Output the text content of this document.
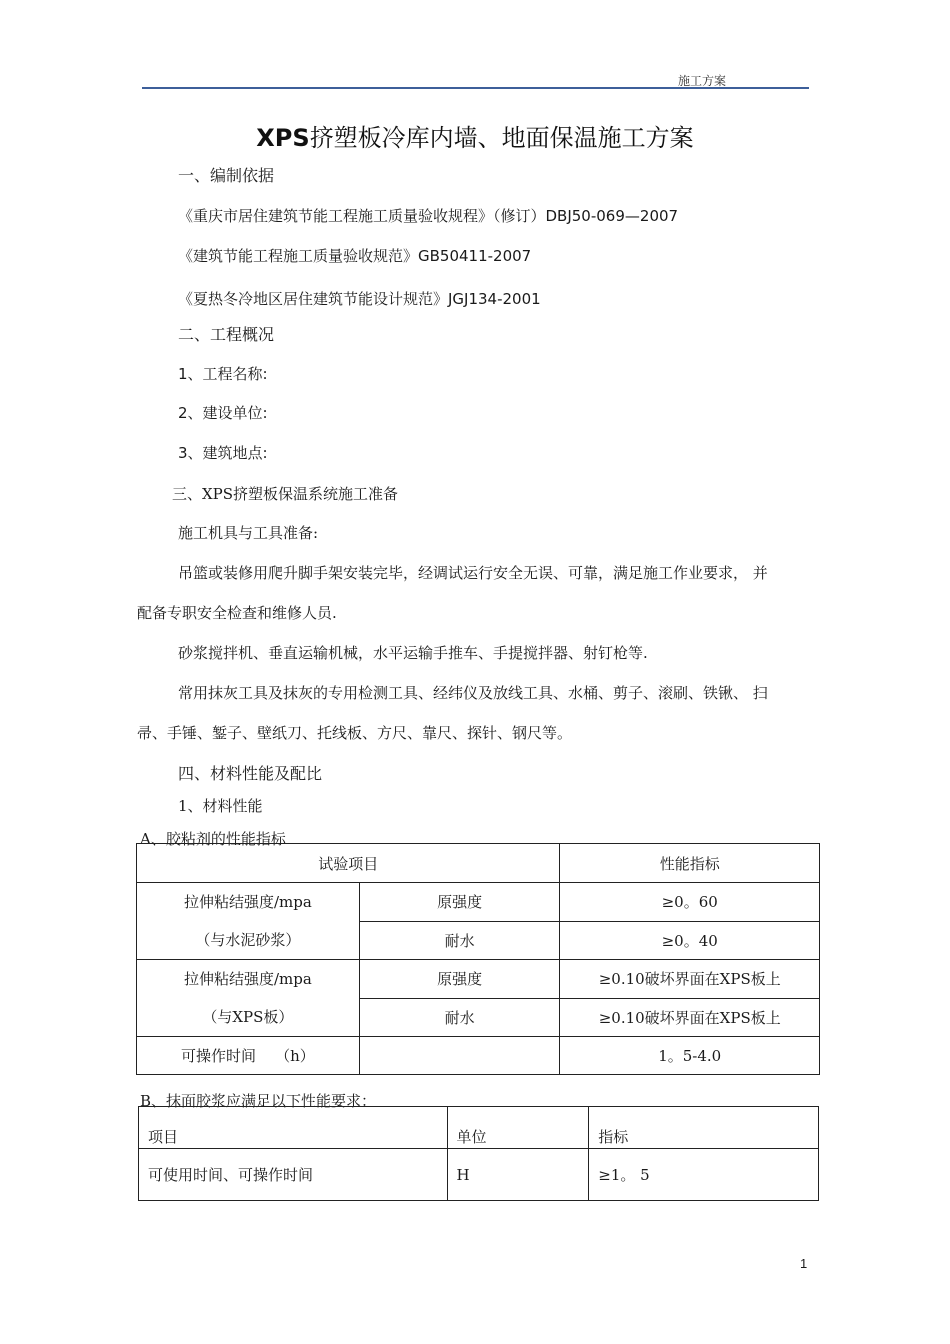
施工方案
XPS挤塑板冷库内墙、地面保温施工方案
一、编制依据
《重庆市居住建筑节能工程施工质量验收规程》（修订）DBJ50-069—2007
《建筑节能工程施工质量验收规范》GB50411-2007
《夏热冬冷地区居住建筑节能设计规范》JGJ134-2001
二、工程概况
1、工程名称:
2、建设单位:
3、建筑地点:
三、XPS挤塑板保温系统施工准备
施工机具与工具准备:
吊篮或装修用爬升脚手架安装完毕，经调试运行安全无误、可靠，满足施工作业要求， 并
配备专职安全检查和维修人员.
砂浆搅拌机、垂直运输机械，水平运输手推车、手提搅拌器、射钉枪等.
常用抹灰工具及抹灰的专用检测工具、经纬仪及放线工具、水桶、剪子、滚刷、铁锹、 扫
帚、手锤、錾子、壁纸刀、托线板、方尺、靠尺、探针、钢尺等。
四、材料性能及配比
1、材料性能
A、胶粘剂的性能指标
试验项目		性能指标

拉伸粘结强度/mpa
（与水泥砂浆）	原强度	≥0。60
	耐水	≥0。40

拉伸粘结强度/mpa
（与XPS板）	原强度	≥0.10破坏界面在XPS板上
	耐水	≥0.10破坏界面在XPS板上
可操作时间    （h）		1。5-4.0
B、抹面胶浆应满足以下性能要求：
项目	单位	指标
可使用时间、可操作时间	H	≥1。 5
1
